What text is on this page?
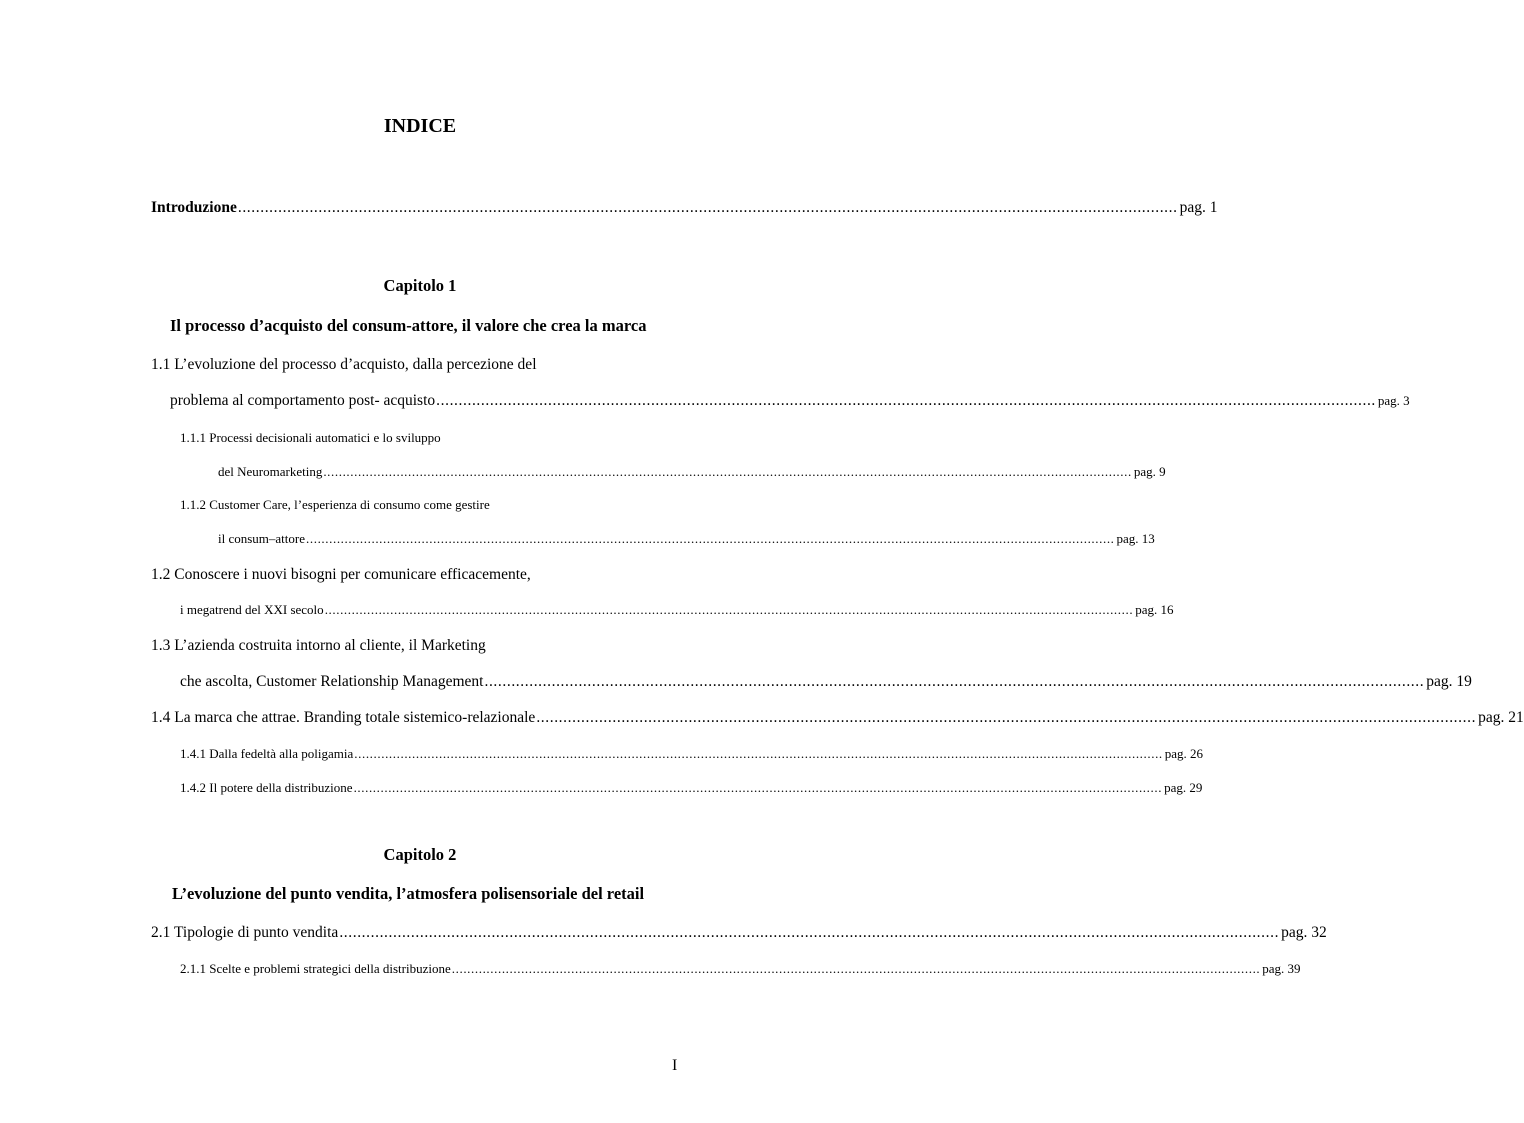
INDICE
Introduzione .................................................................................................................................................................................................................. pag. 1
Capitolo 1
Il processo d’acquisto del consum-attore, il valore che crea la marca
1.1 L’evoluzione del processo d’acquisto, dalla percezione del
problema al comportamento post- acquisto .................................................................................................................................................................................................................. pag. 3
1.1.1 Processi decisionali automatici e lo sviluppo
del Neuromarketing .................................................................................................................................................................................................................. pag. 9
1.1.2 Customer Care, l’esperienza di consumo come gestire
il consum–attore .................................................................................................................................................................................................................. pag. 13
1.2 Conoscere i nuovi bisogni per comunicare efficacemente,
i megatrend del XXI secolo .................................................................................................................................................................................................................. pag. 16
1.3 L’azienda costruita intorno al cliente, il Marketing
che ascolta, Customer Relationship Management .................................................................................................................................................................................................................. pag. 19
1.4 La marca che attrae. Branding totale sistemico-relazionale .................................................................................................................................................................................................................. pag. 21
1.4.1 Dalla fedeltà alla poligamia .................................................................................................................................................................................................................. pag. 26
1.4.2 Il potere della distribuzione .................................................................................................................................................................................................................. pag. 29
Capitolo 2
L’evoluzione del punto vendita, l’atmosfera polisensoriale del retail
2.1 Tipologie di punto vendita .................................................................................................................................................................................................................. pag. 32
2.1.1 Scelte e problemi strategici della distribuzione .................................................................................................................................................................................................................. pag. 39
I
